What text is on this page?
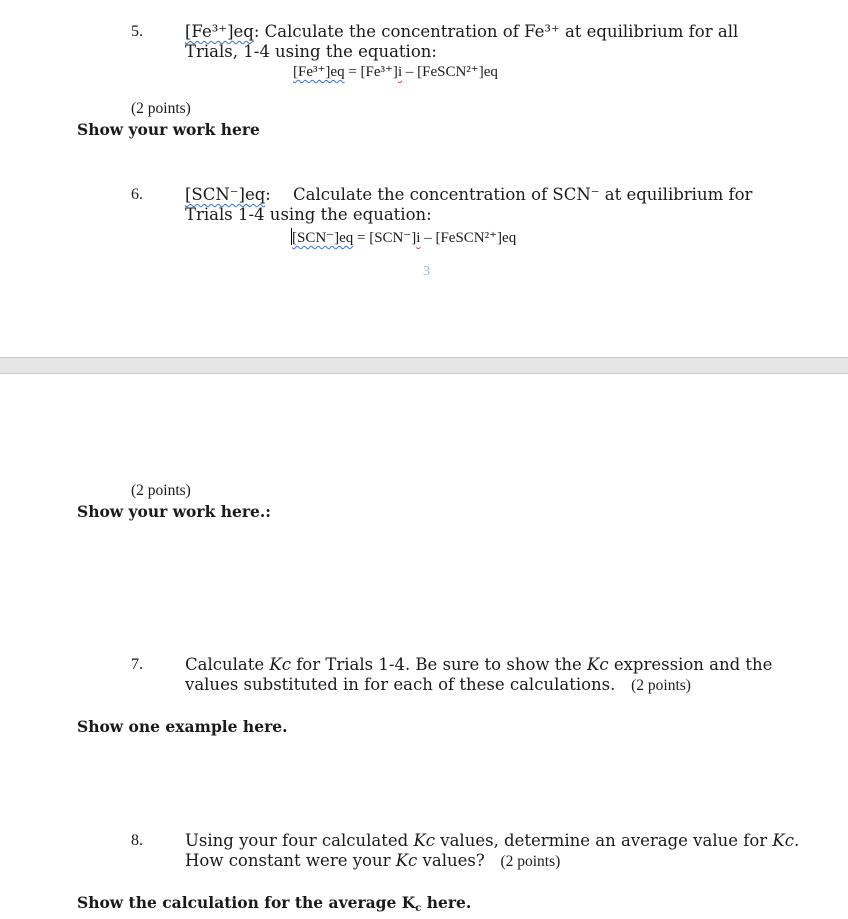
5.	[Fe³⁺]eq: Calculate the concentration of Fe³⁺ at equilibrium for all Trials, 1-4 using the equation:
[Fe³⁺]eq = [Fe³⁺]i – [FeSCN²⁺]eq
(2 points)
Show your work here
6.	[SCN⁻]eq:	Calculate the concentration of SCN⁻ at equilibrium for Trials 1-4 using the equation:
[SCN⁻]eq = [SCN⁻]i – [FeSCN²⁺]eq
3
(2 points)
Show your work here.:
7.	Calculate Kc for Trials 1-4. Be sure to show the Kc expression and the values substituted in for each of these calculations. (2 points)
Show one example here.
8.	Using your four calculated Kc values, determine an average value for Kc.
How constant were your Kc values? (2 points)
Show the calculation for the average $K_c$ here.
